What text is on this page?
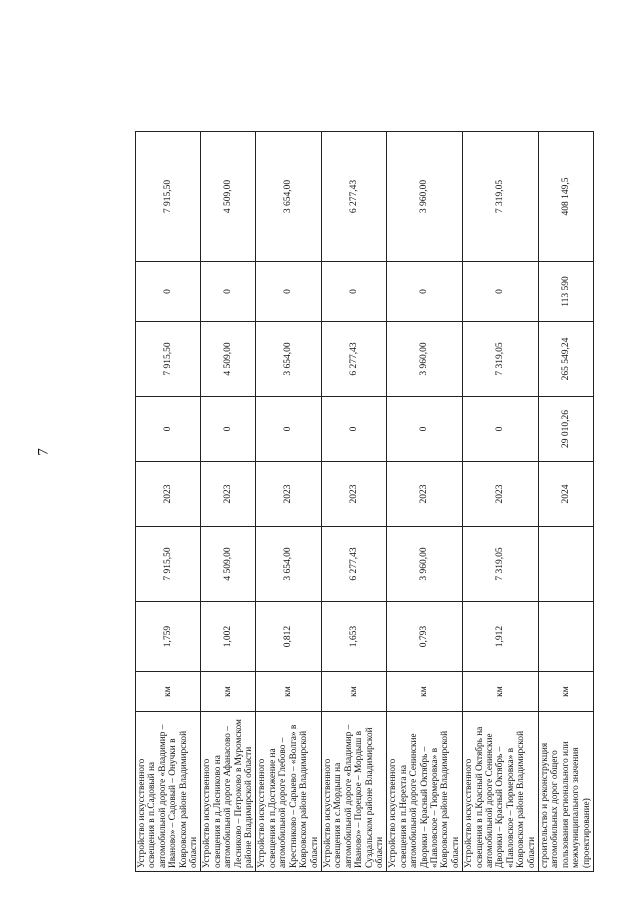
7
Устройство искусственного освещения в п.Садовый на автомобильной дороге «Владимир – Иваново» – Садовый – Онучки в Ковровском районе Владимирской области	км	1,759	7 915,50	2023	0	7 915,50	0	7 915,50
Устройство искусственного освещения в д.Лесниково на автомобильной дороге Афанасово – Лесниково – Петроково в Муромском районе Владимирской области	км	1,002	4 509,00	2023	0	4 509,00	0	4 509,00
Устройство искусственного освещения в п.Достижение на автомобильной дороге Глебово – Крестниково – Сарыево – «Волга» в Ковровском районе Владимирской области	км	0,812	3 654,00	2023	0	3 654,00	0	3 654,00
Устройство искусственного освещения в с.Мордыш на автомобильной дороге «Владимир – Иваново» – Порецкое – Мордыш в Суздальском районе Владимирской области	км	1,653	6 277,43	2023	0	6 277,43	0	6 277,43
Устройство искусственного освещения в п.Нерехта на автомобильной дороге Сенинские Дворики – Красный Октябрь – «Павловское – Тюрмеровка» в Ковровском районе Владимирской области	км	0,793	3 960,00	2023	0	3 960,00	0	3 960,00
Устройство искусственного освещения в п.Красный Октябрь на автомобильной дороге Сенинские Дворики – Красный Октябрь – «Павловское – Тюрмеровка» в Ковровском районе Владимирской области	км	1,912	7 319,05	2023	0	7 319,05	0	7 319,05
строительство и реконструкция автомобильных дорог общего пользования регионального или межмуниципального значения (проектирование)	км			2024	29 010,26	265 549,24	113 590	408 149,5
